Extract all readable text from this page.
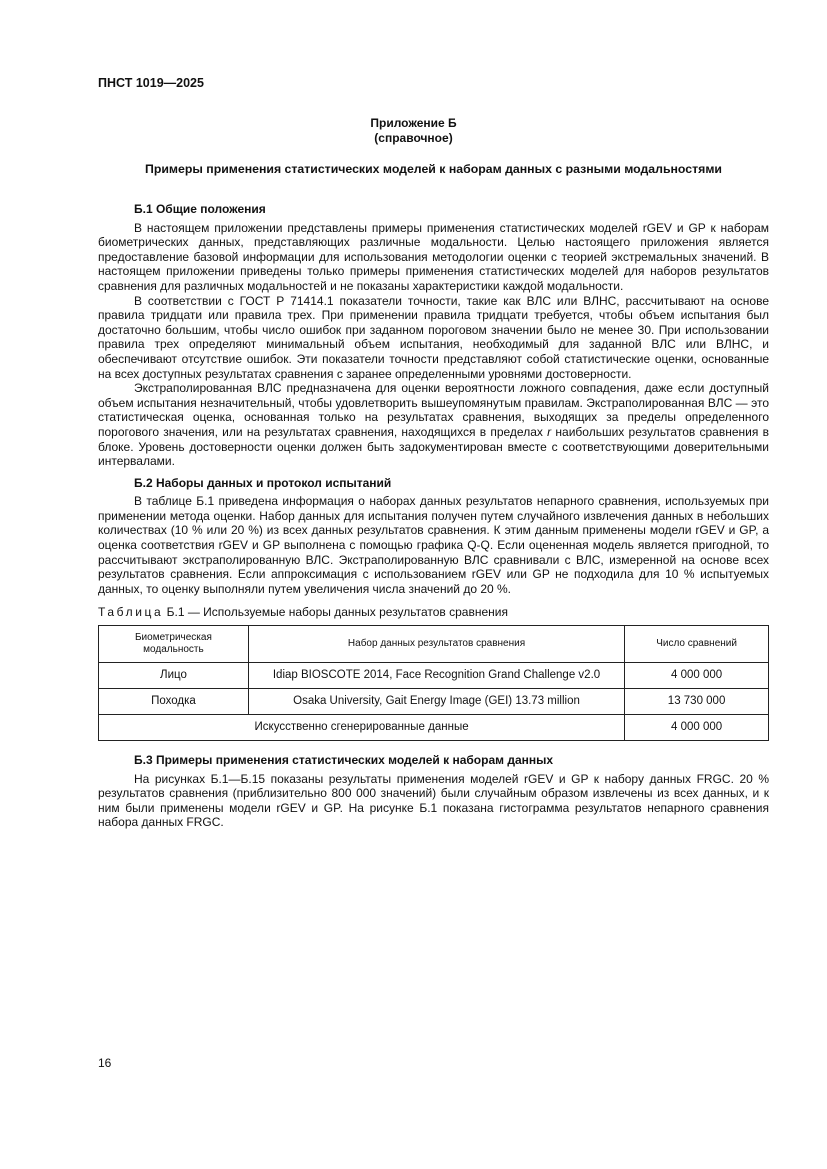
ПНСТ 1019—2025
Приложение Б
(справочное)
Примеры применения статистических моделей к наборам данных с разными модальностями
Б.1 Общие положения

В настоящем приложении представлены примеры применения статистических моделей rGEV и GP к наборам биометрических данных, представляющих различные модальности. Целью настоящего приложения является предоставление базовой информации для использования методологии оценки с теорией экстремальных значений. В настоящем приложении приведены только примеры применения статистических моделей для наборов результатов сравнения для различных модальностей и не показаны характеристики каждой модальности.

В соответствии с ГОСТ Р 71414.1 показатели точности, такие как ВЛС или ВЛНС, рассчитывают на основе правила тридцати или правила трех. При применении правила тридцати требуется, чтобы объем испытания был достаточно большим, чтобы число ошибок при заданном пороговом значении было не менее 30. При использовании правила трех определяют минимальный объем испытания, необходимый для заданной ВЛС или ВЛНС, и обеспечивают отсутствие ошибок. Эти показатели точности представляют собой статистические оценки, основанные на всех доступных результатах сравнения с заранее определенными уровнями достоверности.

Экстраполированная ВЛС предназначена для оценки вероятности ложного совпадения, даже если доступный объем испытания незначительный, чтобы удовлетворить вышеупомянутым правилам. Экстраполированная ВЛС — это статистическая оценка, основанная только на результатах сравнения, выходящих за пределы определенного порогового значения, или на результатах сравнения, находящихся в пределах r наибольших результатов сравнения в блоке. Уровень достоверности оценки должен быть задокументирован вместе с соответствующими доверительными интервалами.

Б.2 Наборы данных и протокол испытаний

В таблице Б.1 приведена информация о наборах данных результатов непарного сравнения, используемых при применении метода оценки. Набор данных для испытания получен путем случайного извлечения данных в небольших количествах (10 % или 20 %) из всех данных результатов сравнения. К этим данным применены модели rGEV и GP, а оценка соответствия rGEV и GP выполнена с помощью графика Q-Q. Если оцененная модель является пригодной, то рассчитывают экстраполированную ВЛС. Экстраполированную ВЛС сравнивали с ВЛС, измеренной на основе всех результатов сравнения. Если аппроксимация с использованием rGEV или GP не подходила для 10 % испытуемых данных, то оценку выполняли путем увеличения числа значений до 20 %.

Таблица Б.1 — Используемые наборы данных результатов сравнения
Биометрическая модальность	Набор данных результатов сравнения	Число сравнений
Лицо	Idiap BIOSCOTE 2014, Face Recognition Grand Challenge v2.0	4 000 000
Походка	Osaka University, Gait Energy Image (GEI) 13.73 million	13 730 000
Искусственно сгенерированные данные		4 000 000
Б.3 Примеры применения статистических моделей к наборам данных

На рисунках Б.1—Б.15 показаны результаты применения моделей rGEV и GP к набору данных FRGC. 20 % результатов сравнения (приблизительно 800 000 значений) были случайным образом извлечены из всех данных, и к ним были применены модели rGEV и GP. На рисунке Б.1 показана гистограмма результатов непарного сравнения набора данных FRGC.

16
